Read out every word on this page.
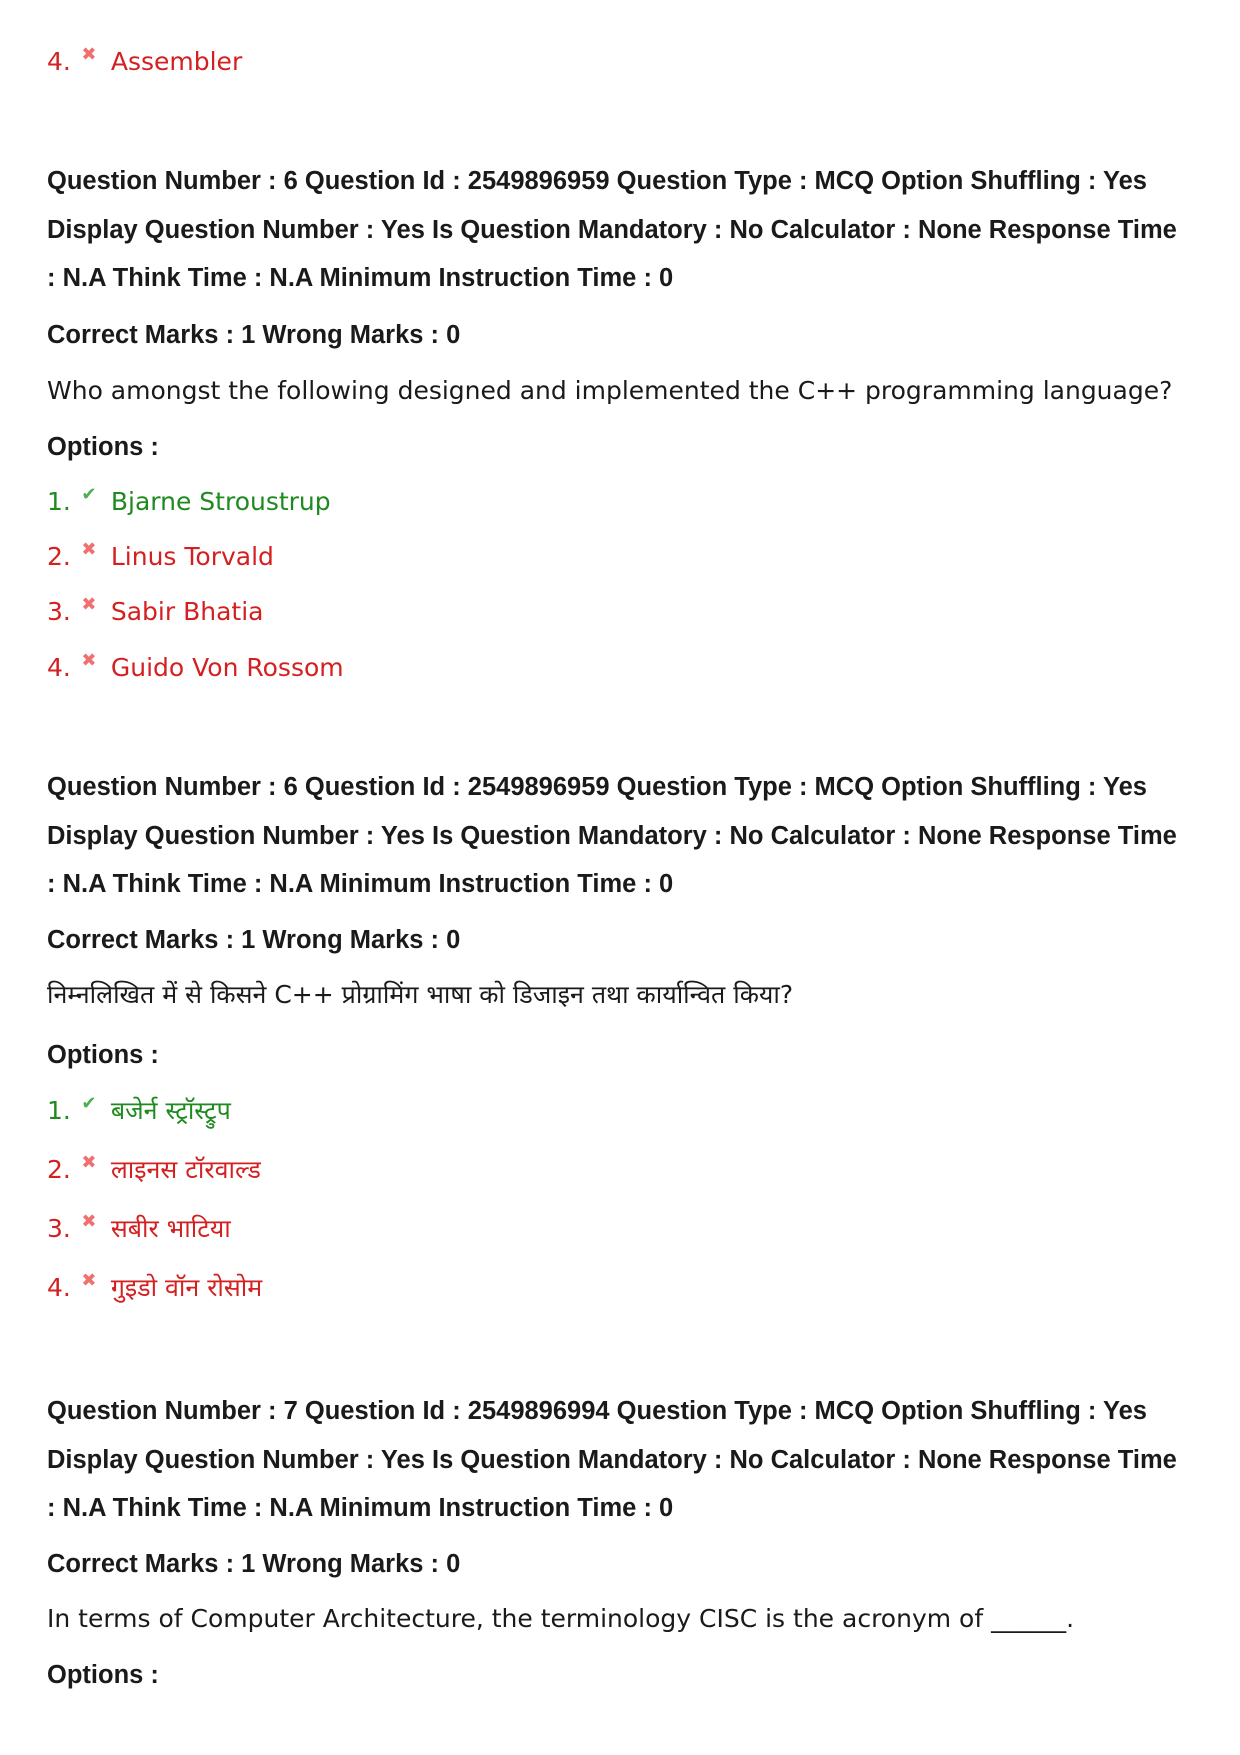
4. ✖ Assembler

Question Number : 6 Question Id : 2549896959 Question Type : MCQ Option Shuffling : Yes

Display Question Number : Yes Is Question Mandatory : No Calculator : None Response Time

: N.A Think Time : N.A Minimum Instruction Time : 0

Correct Marks : 1 Wrong Marks : 0
Who amongst the following designed and implemented the C++ programming language?
Options :
1. ✔ Bjarne Stroustrup
2. ✖ Linus Torvald
3. ✖ Sabir Bhatia
4. ✖ Guido Von Rossom

Question Number : 6 Question Id : 2549896959 Question Type : MCQ Option Shuffling : Yes

Display Question Number : Yes Is Question Mandatory : No Calculator : None Response Time

: N.A Think Time : N.A Minimum Instruction Time : 0

Correct Marks : 1 Wrong Marks : 0
निम्नलिखित में से किसने C++ प्रोग्रामिंग भाषा को डिजाइन तथा कार्यान्वित किया?
Options :
1. ✔ बजेर्न स्ट्रॉस्ट्रुप
2. ✖ लाइनस टॉरवाल्ड
3. ✖ सबीर भाटिया
4. ✖ गुइडो वॉन रोसोम

Question Number : 7 Question Id : 2549896994 Question Type : MCQ Option Shuffling : Yes

Display Question Number : Yes Is Question Mandatory : No Calculator : None Response Time

: N.A Think Time : N.A Minimum Instruction Time : 0

Correct Marks : 1 Wrong Marks : 0
In terms of Computer Architecture, the terminology CISC is the acronym of ______.
Options :
